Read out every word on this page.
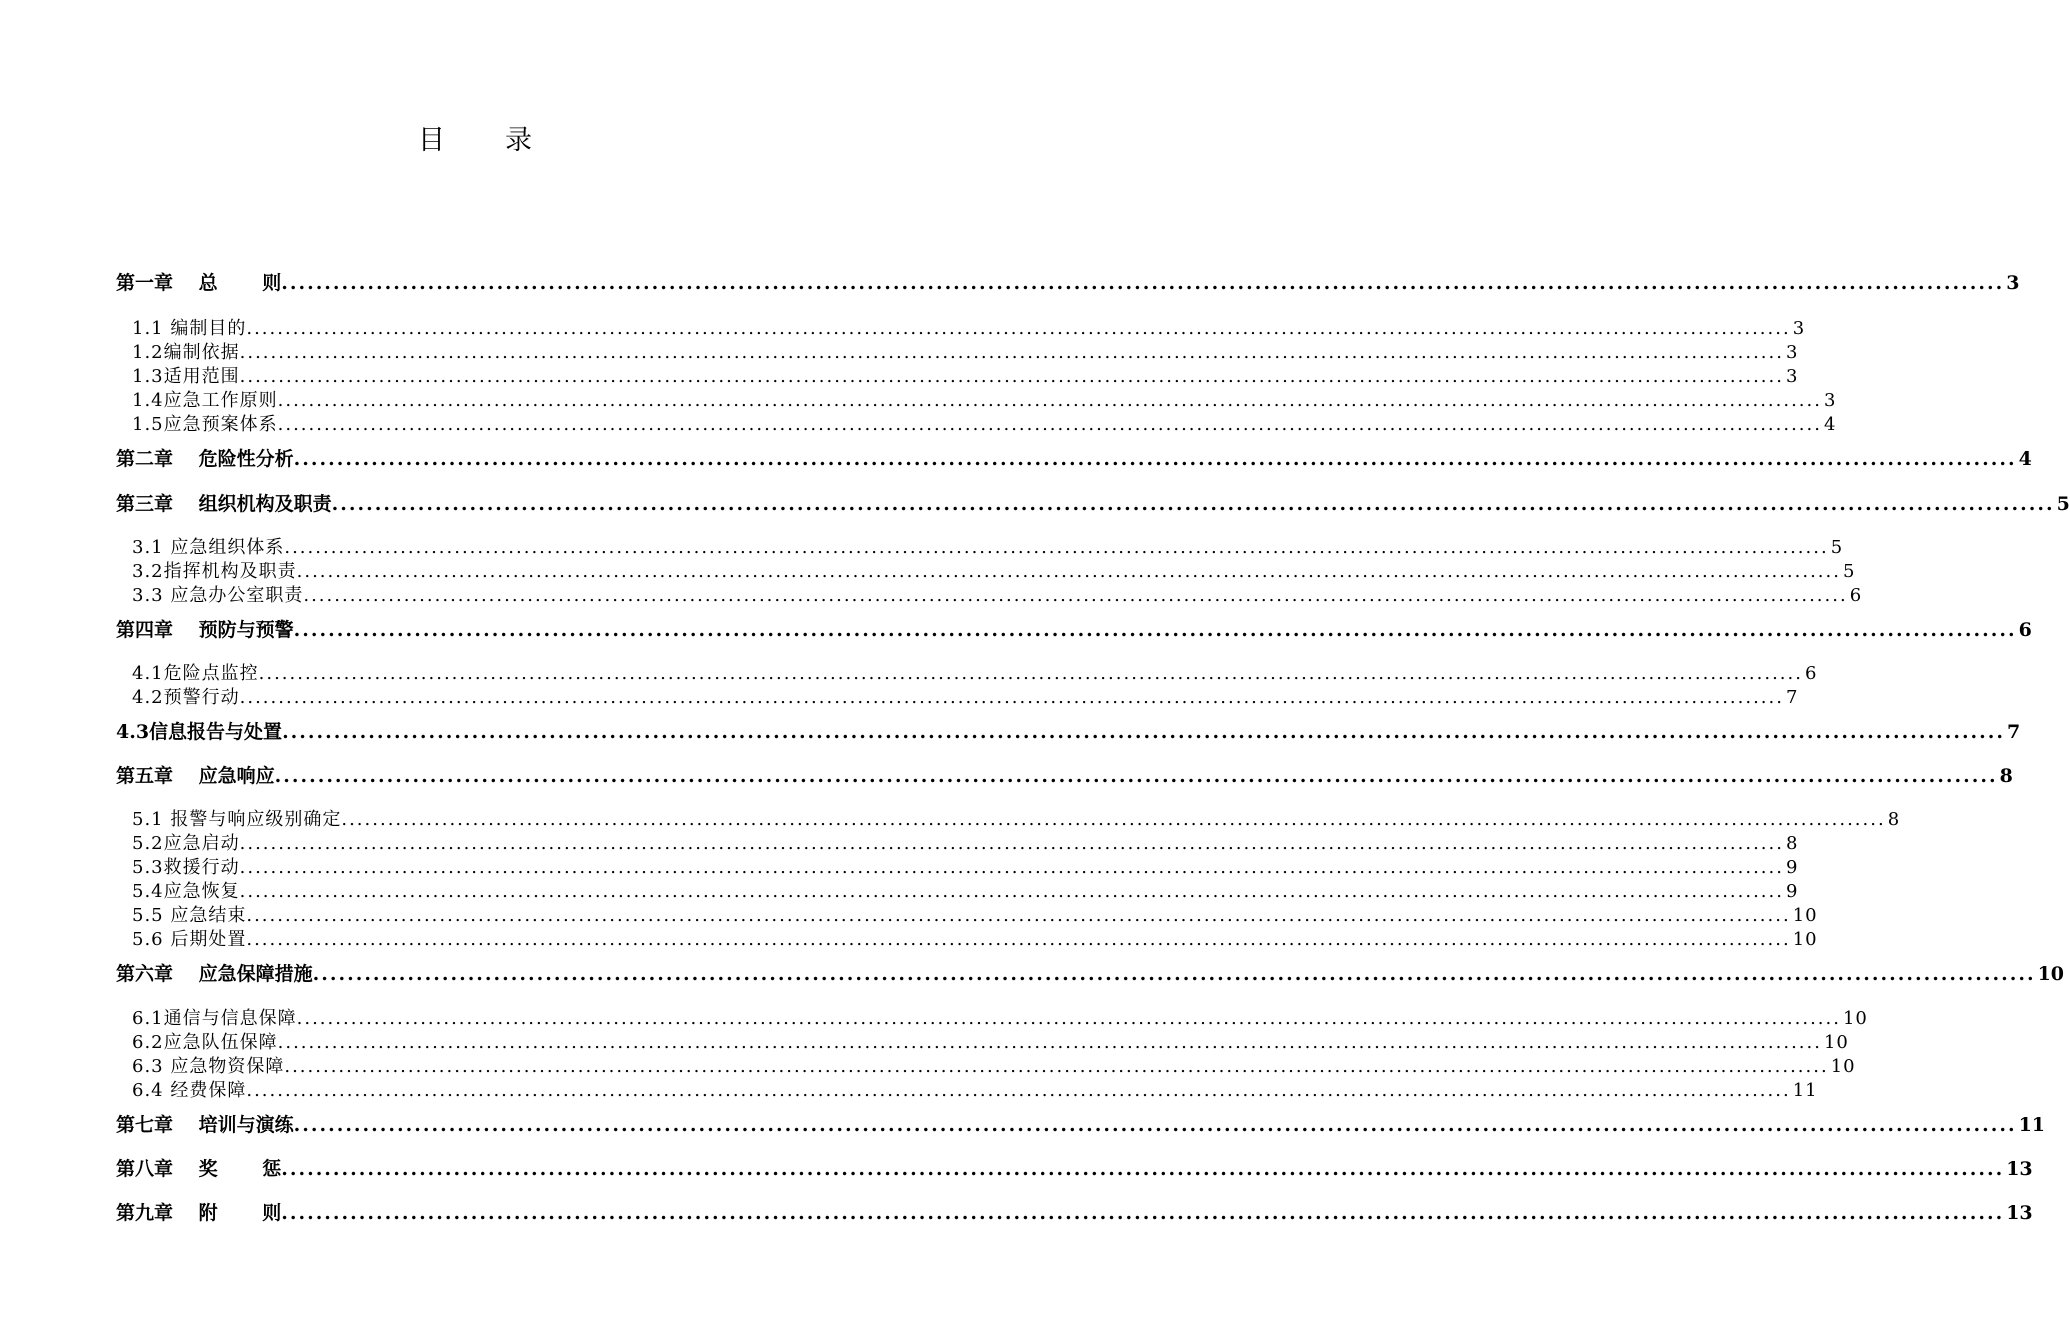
目 录
第一章　 总　　 则 ........................................................................................................................................................................................................ 3
1.1 编制目的 ........................................................................................................................................................................................................ 3
1.2编制依据 ........................................................................................................................................................................................................ 3
1.3适用范围 ........................................................................................................................................................................................................ 3
1.4应急工作原则 ........................................................................................................................................................................................................ 3
1.5应急预案体系 ........................................................................................................................................................................................................ 4
第二章　 危险性分析 ........................................................................................................................................................................................................ 4
第三章　 组织机构及职责 ........................................................................................................................................................................................................ 5
3.1 应急组织体系 ........................................................................................................................................................................................................ 5
3.2指挥机构及职责 ........................................................................................................................................................................................................ 5
3.3 应急办公室职责 ........................................................................................................................................................................................................ 6
第四章　 预防与预警 ........................................................................................................................................................................................................ 6
4.1危险点监控 ........................................................................................................................................................................................................ 6
4.2预警行动 ........................................................................................................................................................................................................ 7
4.3信息报告与处置 ........................................................................................................................................................................................................ 7
第五章　 应急响应 ........................................................................................................................................................................................................ 8
5.1 报警与响应级别确定 ........................................................................................................................................................................................................ 8
5.2应急启动 ........................................................................................................................................................................................................ 8
5.3救援行动 ........................................................................................................................................................................................................ 9
5.4应急恢复 ........................................................................................................................................................................................................ 9
5.5 应急结束 ........................................................................................................................................................................................................ 10
5.6 后期处置 ........................................................................................................................................................................................................ 10
第六章　 应急保障措施 ........................................................................................................................................................................................................ 10
6.1通信与信息保障 ........................................................................................................................................................................................................ 10
6.2应急队伍保障 ........................................................................................................................................................................................................ 10
6.3 应急物资保障 ........................................................................................................................................................................................................ 10
6.4 经费保障 ........................................................................................................................................................................................................ 11
第七章　 培训与演练 ........................................................................................................................................................................................................ 11
第八章　 奖　　 惩 ........................................................................................................................................................................................................ 13
第九章　 附　　 则 ........................................................................................................................................................................................................ 13
